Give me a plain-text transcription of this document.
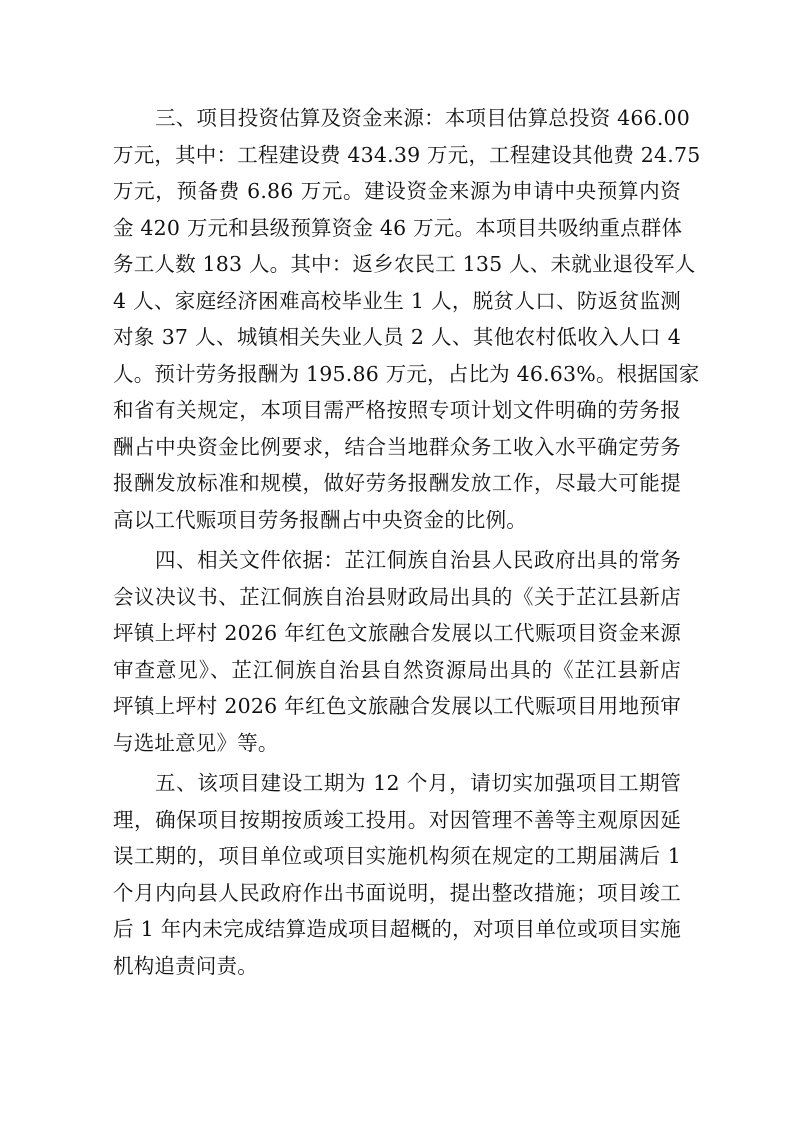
三、项目投资估算及资金来源：本项目估算总投资 466.00
万元，其中：工程建设费 434.39 万元，工程建设其他费 24.75
万元，预备费 6.86 万元。建设资金来源为申请中央预算内资
金 420 万元和县级预算资金 46 万元。本项目共吸纳重点群体
务工人数 183 人。其中：返乡农民工 135 人、未就业退役军人
4 人、家庭经济困难高校毕业生 1 人，脱贫人口、防返贫监测
对象 37 人、城镇相关失业人员 2 人、其他农村低收入人口 4
人。预计劳务报酬为 195.86 万元，占比为 46.63%。根据国家
和省有关规定，本项目需严格按照专项计划文件明确的劳务报
酬占中央资金比例要求，结合当地群众务工收入水平确定劳务
报酬发放标准和规模，做好劳务报酬发放工作，尽最大可能提
高以工代赈项目劳务报酬占中央资金的比例。
四、相关文件依据：芷江侗族自治县人民政府出具的常务
会议决议书、芷江侗族自治县财政局出具的《关于芷江县新店
坪镇上坪村 2026 年红色文旅融合发展以工代赈项目资金来源
审查意见》、芷江侗族自治县自然资源局出具的《芷江县新店
坪镇上坪村 2026 年红色文旅融合发展以工代赈项目用地预审
与选址意见》等。
五、该项目建设工期为 12 个月，请切实加强项目工期管
理，确保项目按期按质竣工投用。对因管理不善等主观原因延
误工期的，项目单位或项目实施机构须在规定的工期届满后 1
个月内向县人民政府作出书面说明，提出整改措施；项目竣工
后 1 年内未完成结算造成项目超概的，对项目单位或项目实施
机构追责问责。
